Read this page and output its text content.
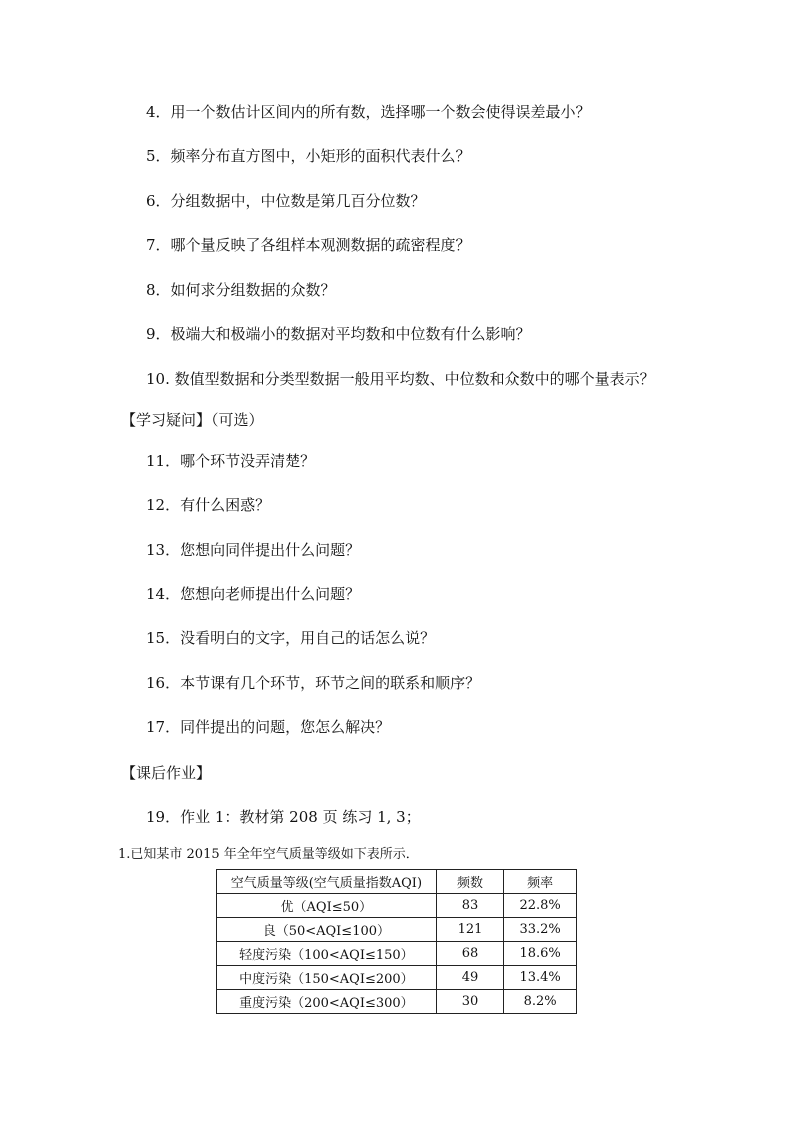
4．用一个数估计区间内的所有数，选择哪一个数会使得误差最小？
5．频率分布直方图中，小矩形的面积代表什么？
6．分组数据中，中位数是第几百分位数？
7．哪个量反映了各组样本观测数据的疏密程度？
8．如何求分组数据的众数？
9．极端大和极端小的数据对平均数和中位数有什么影响？
10. 数值型数据和分类型数据一般用平均数、中位数和众数中的哪个量表示？
【学习疑问】（可选）
11．哪个环节没弄清楚？
12．有什么困惑？
13．您想向同伴提出什么问题？
14．您想向老师提出什么问题？
15．没看明白的文字，用自己的话怎么说？
16．本节课有几个环节，环节之间的联系和顺序？
17．同伴提出的问题，您怎么解决？
【课后作业】
19．作业 1：教材第 208 页 练习 1, 3；
1.已知某市 2015 年全年空气质量等级如下表所示．
空气质量等级(空气质量指数AQI)	频数	频率
优（AQI≤50）	83	22.8%
良（50<AQI≤100）	121	33.2%
轻度污染（100<AQI≤150）	68	18.6%
中度污染（150<AQI≤200）	49	13.4%
重度污染（200<AQI≤300）	30	8.2%
